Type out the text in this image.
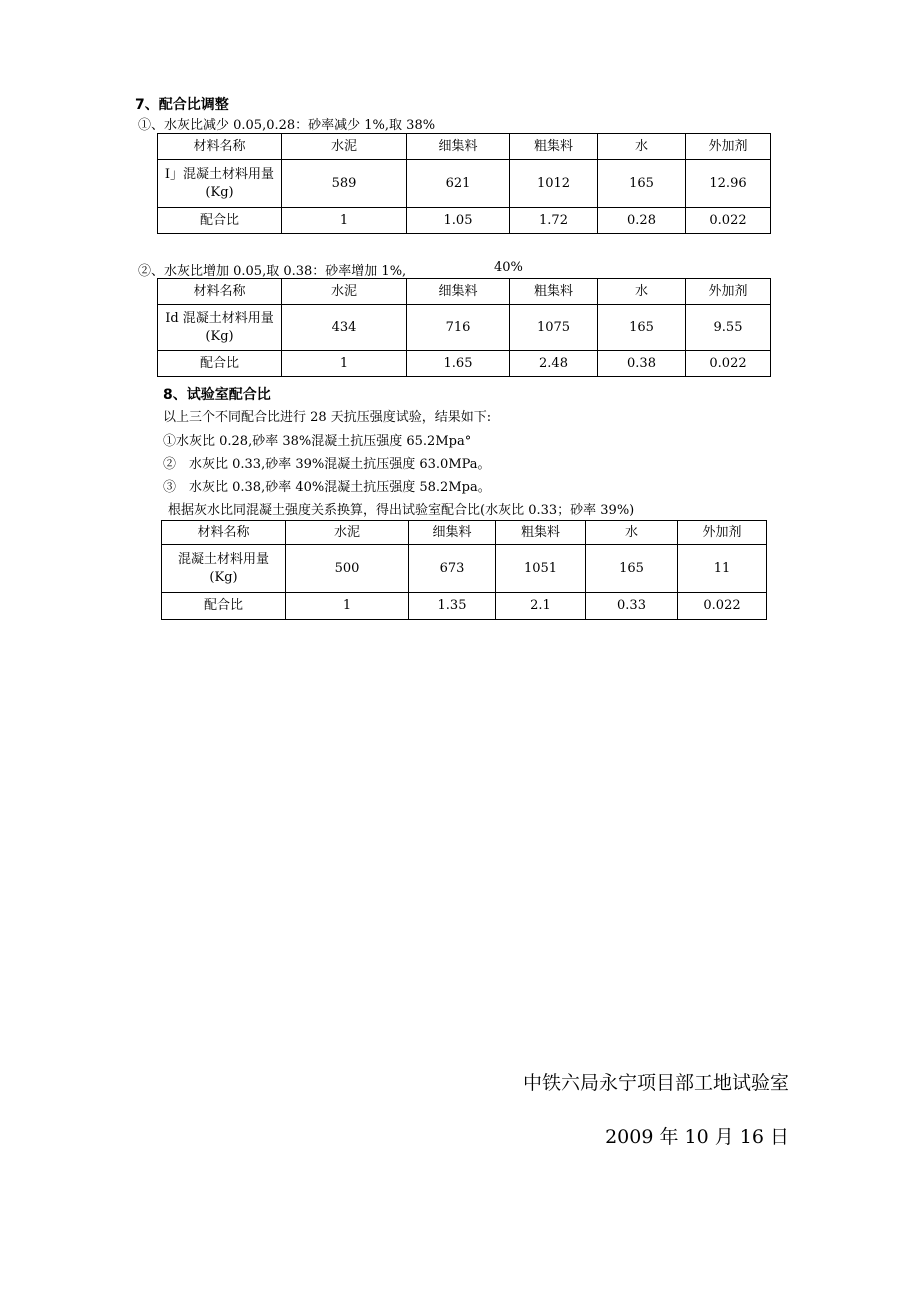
7、配合比调整
①、水灰比减少 0.05,0.28：砂率减少 1%,取 38%
材料名称	水泥	细集料	粗集料	水	外加剂
I」混凝土材料用量(Kg)	589	621	1012	165	12.96
配合比	1	1.05	1.72	0.28	0.022
②、水灰比增加 0.05,取 0.38：砂率增加 1%,	40%
材料名称	水泥	细集料	粗集料	水	外加剂
Id 混凝土材料用量(Kg)	434	716	1075	165	9.55
配合比	1	1.65	2.48	0.38	0.022
8、试验室配合比
以上三个不同配合比进行 28 天抗压强度试验，结果如下:
①水灰比 0.28,砂率 38%混凝土抗压强度 65.2Mpa°
②　水灰比 0.33,砂率 39%混凝土抗压强度 63.0MPa。
③　水灰比 0.38,砂率 40%混凝土抗压强度 58.2Mpa。
根据灰水比同混凝土强度关系换算，得出试验室配合比(水灰比 0.33；砂率 39%)
材料名称	水泥	细集料	粗集料	水	外加剂
混凝土材料用量(Kg)	500	673	1051	165	11
配合比	1	1.35	2.1	0.33	0.022
中铁六局永宁项目部工地试验室
2009 年 10 月 16 日
